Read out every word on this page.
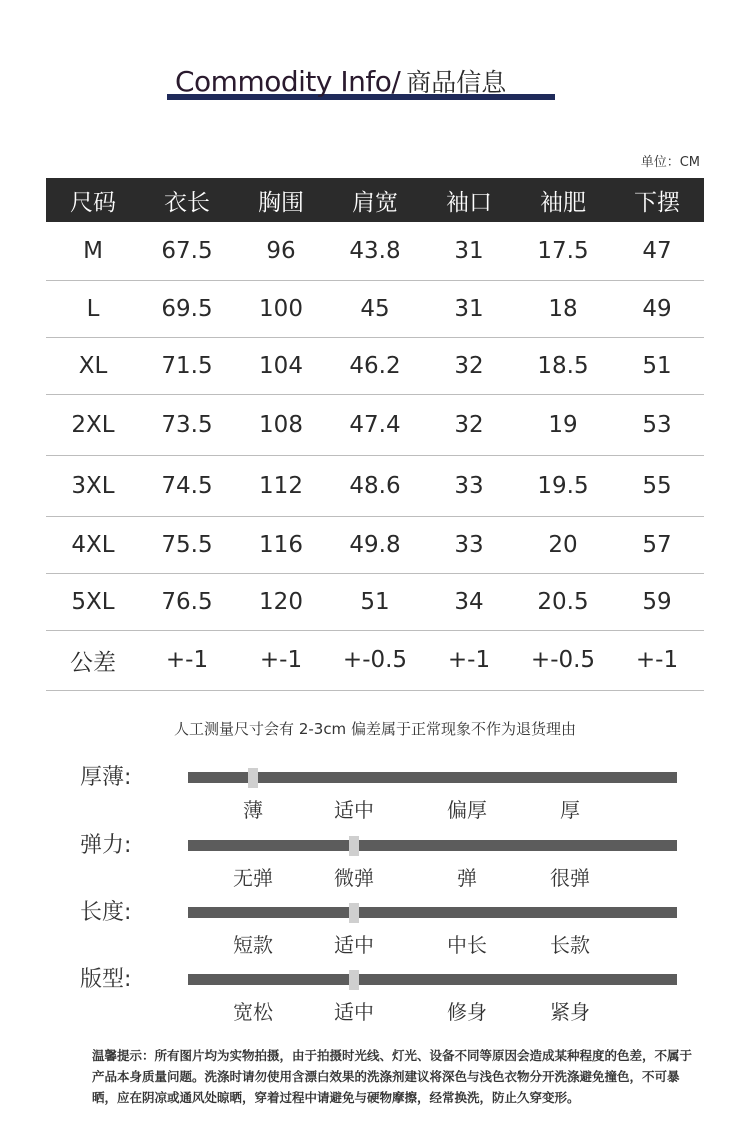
Commodity Info/ 商品信息
单位：CM
尺码	衣长	胸围	肩宽	袖口	袖肥	下摆
M	67.5	96	43.8	31	17.5	47
L	69.5	100	45	31	18	49
XL	71.5	104	46.2	32	18.5	51
2XL	73.5	108	47.4	32	19	53
3XL	74.5	112	48.6	33	19.5	55
4XL	75.5	116	49.8	33	20	57
5XL	76.5	120	51	34	20.5	59
公差	+-1	+-1	+-0.5	+-1	+-0.5	+-1
人工测量尺寸会有 2-3cm 偏差属于正常现象不作为退货理由
厚薄:
薄	适中	偏厚	厚
弹力:
无弹	微弹	弹	很弹
长度:
短款	适中	中长	长款
版型:
宽松	适中	修身	紧身
温馨提示：所有图片均为实物拍摄，由于拍摄时光线、灯光、设备不同等原因会造成某种程度的色差，不属于产品本身质量问题。洗涤时请勿使用含漂白效果的洗涤剂建议将深色与浅色衣物分开洗涤避免撞色，不可暴晒，应在阴凉或通风处晾晒，穿着过程中请避免与硬物摩擦，经常换洗，防止久穿变形。
